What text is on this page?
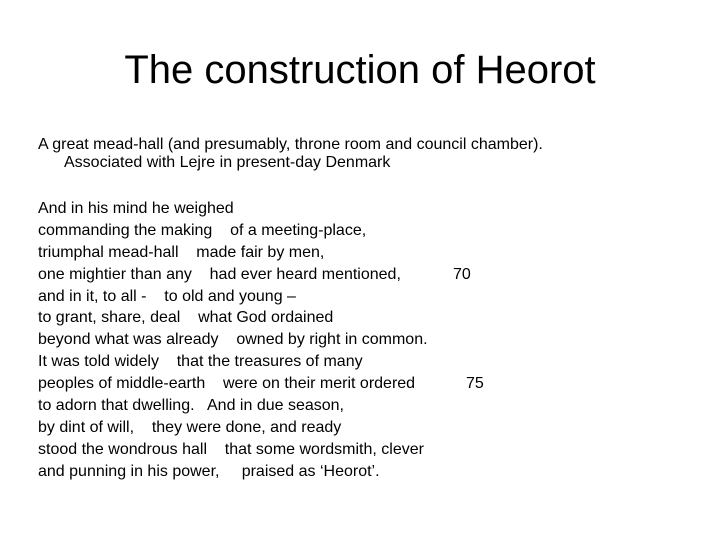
The construction of Heorot

A great mead-hall (and presumably, throne room and council chamber).
Associated with Lejre in present-day Denmark

And in his mind he weighed
commanding the making    of a meeting-place,
triumphal mead-hall    made fair by men,
one mightier than any    had ever heard mentioned,	70
and in it, to all -    to old and young –
to grant, share, deal    what God ordained
beyond what was already    owned by right in common.
It was told widely    that the treasures of many
peoples of middle-earth    were on their merit ordered	75
to adorn that dwelling.   And in due season,
by dint of will,    they were done, and ready
stood the wondrous hall    that some wordsmith, clever
and punning in his power,     praised as ‘Heorot’.
